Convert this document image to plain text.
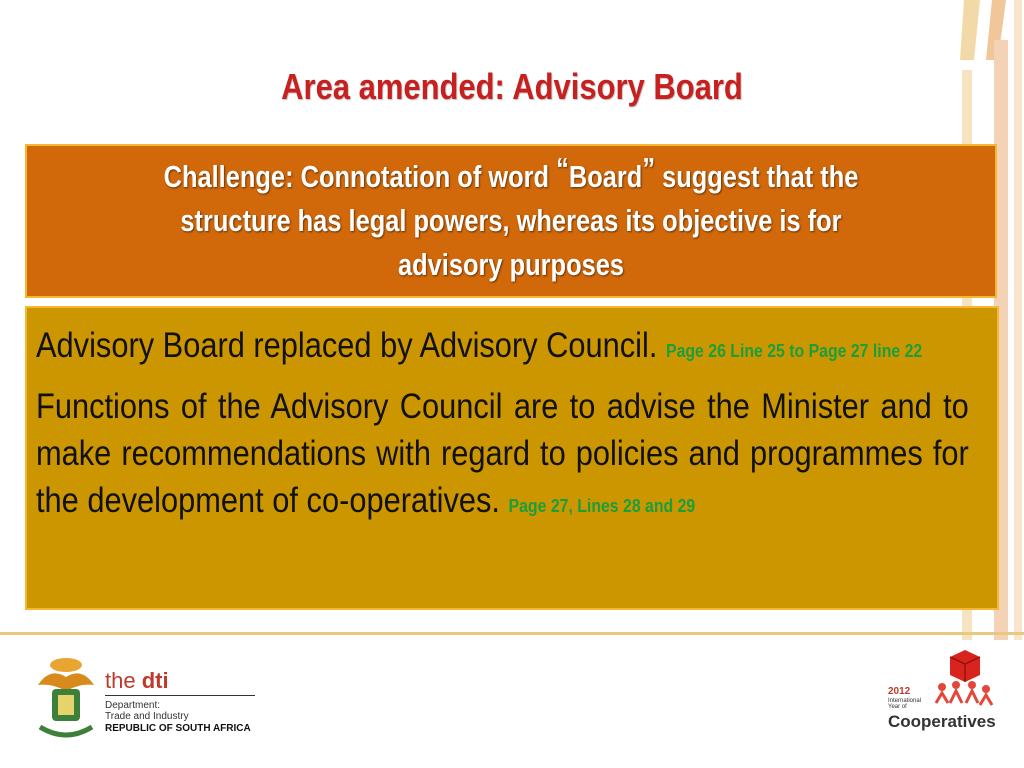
Area amended: Advisory Board
Challenge: Connotation of word “Board” suggest that the
structure has legal powers, whereas its objective is for
advisory purposes

Advisory Board replaced by Advisory Council. Page 26 Line 25 to Page 27 line 22

Functions of the Advisory Council are to advise the Minister and to make recommendations with regard to policies and programmes for the development of co-operatives. Page 27, Lines 28 and 29

the dti
Department:
Trade and Industry
REPUBLIC OF SOUTH AFRICA
2012
International Year of
Cooperatives
